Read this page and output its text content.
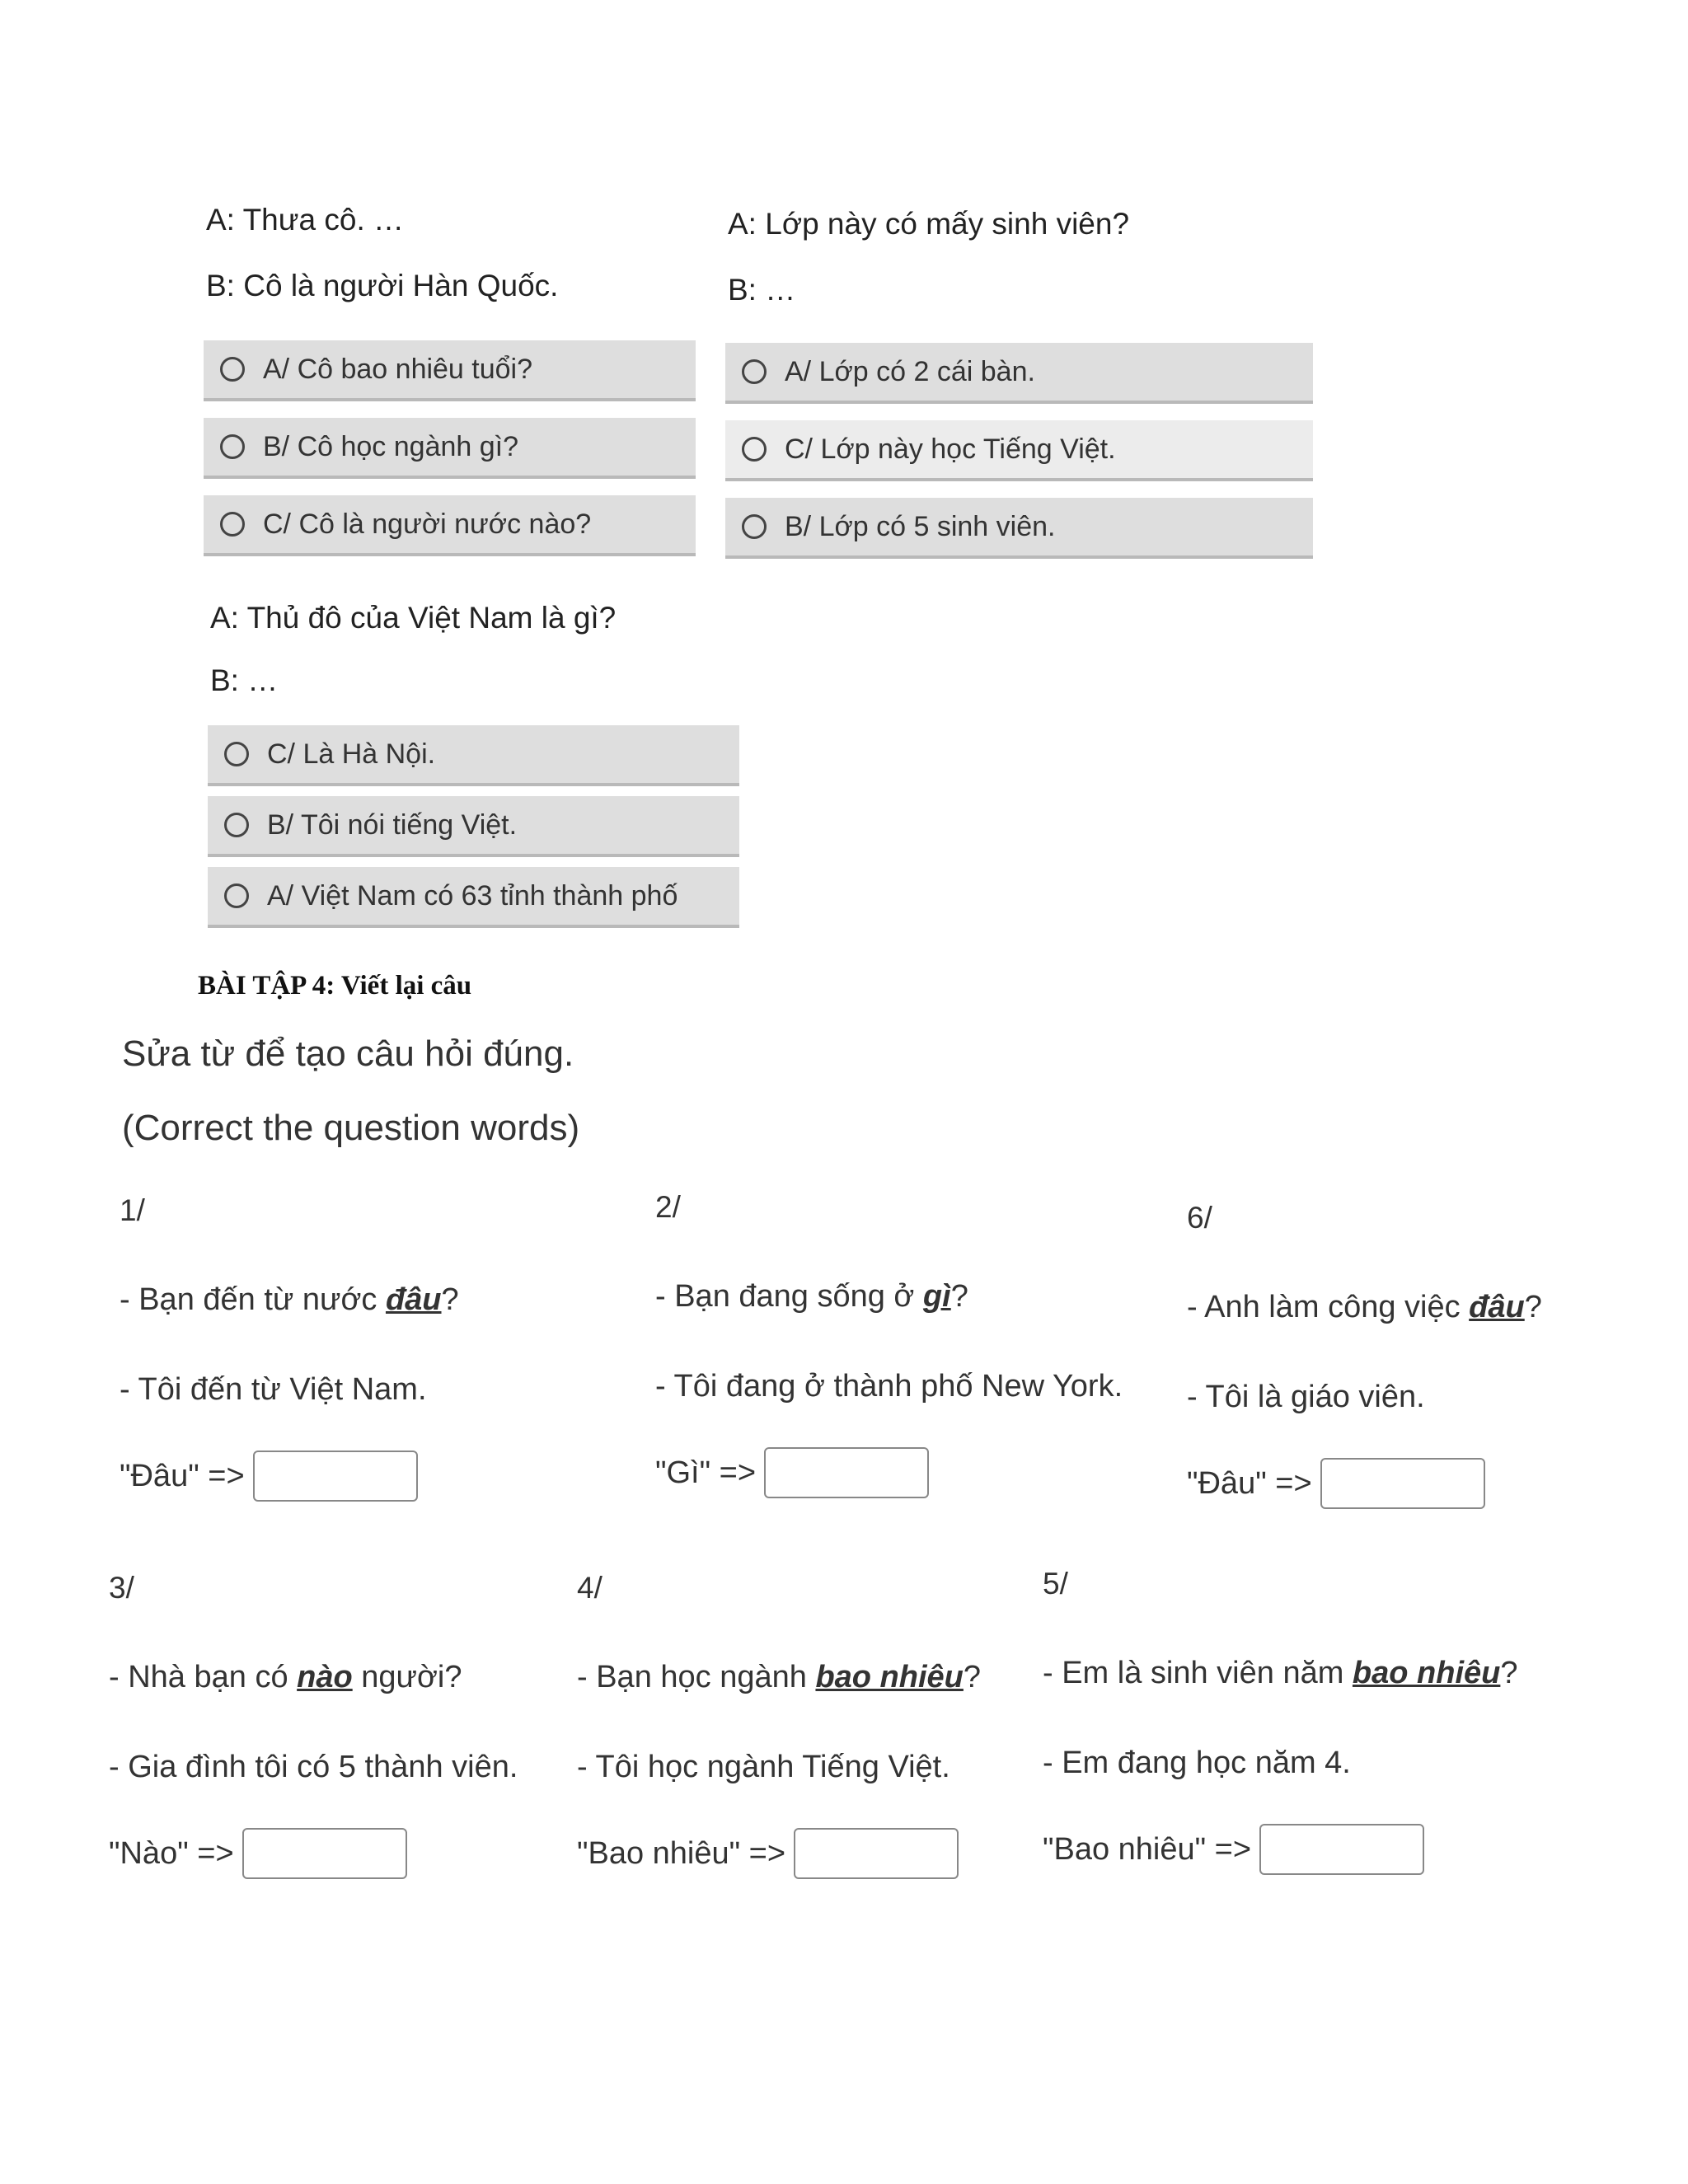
A: Thưa cô. …
B: Cô là người Hàn Quốc.
A/ Cô bao nhiêu tuổi?
B/ Cô học ngành gì?
C/ Cô là người nước nào?
A: Lớp này có mấy sinh viên?
B: …
A/ Lớp có 2 cái bàn.
C/ Lớp này học Tiếng Việt.
B/ Lớp có 5 sinh viên.
A: Thủ đô của Việt Nam là gì?
B: …
C/ Là Hà Nội.
B/ Tôi nói tiếng Việt.
A/ Việt Nam có 63 tỉnh thành phố
BÀI TẬP 4: Viết lại câu
Sửa từ để tạo câu hỏi đúng.
(Correct the question words)
1/
- Bạn đến từ nước đâu?
- Tôi đến từ Việt Nam.
"Đâu" =>
2/
- Bạn đang sống ở gì?
- Tôi đang ở thành phố New York.
"Gì" =>
6/
- Anh làm công việc đâu?
- Tôi là giáo viên.
"Đâu" =>
3/
- Nhà bạn có nào người?
- Gia đình tôi có 5 thành viên.
"Nào" =>
4/
- Bạn học ngành bao nhiêu?
- Tôi học ngành Tiếng Việt.
"Bao nhiêu" =>
5/
- Em là sinh viên năm bao nhiêu?
- Em đang học năm 4.
"Bao nhiêu" =>
